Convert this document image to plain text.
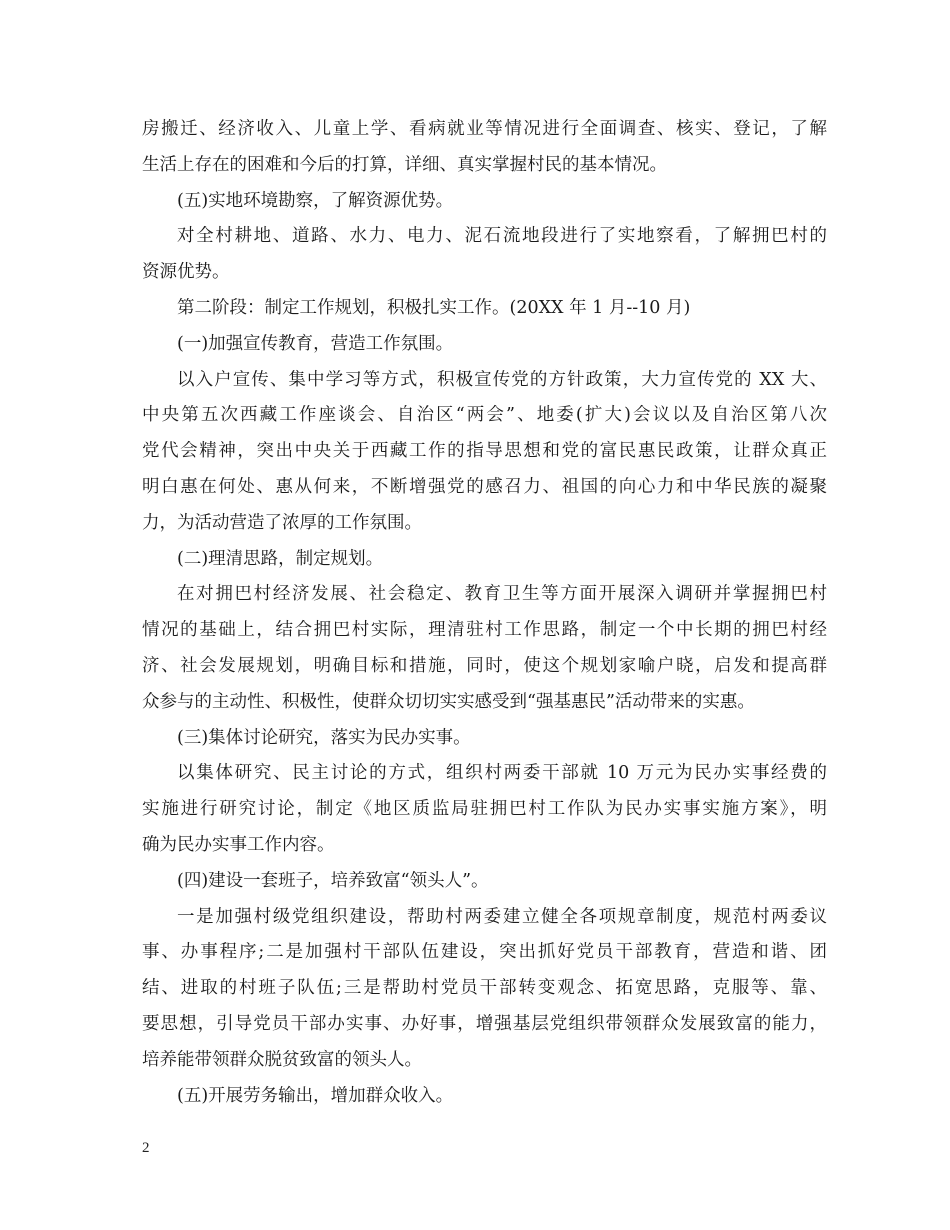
房搬迁、经济收入、儿童上学、看病就业等情况进行全面调查、核实、登记，了解
生活上存在的困难和今后的打算，详细、真实掌握村民的基本情况。
(五)实地环境勘察，了解资源优势。
对全村耕地、道路、水力、电力、泥石流地段进行了实地察看，了解拥巴村的
资源优势。
第二阶段：制定工作规划，积极扎实工作。(20XX 年 1 月--10 月)
(一)加强宣传教育，营造工作氛围。
以入户宣传、集中学习等方式，积极宣传党的方针政策，大力宣传党的 XX 大、
中央第五次西藏工作座谈会、自治区“两会”、地委(扩大)会议以及自治区第八次
党代会精神，突出中央关于西藏工作的指导思想和党的富民惠民政策，让群众真正
明白惠在何处、惠从何来，不断增强党的感召力、祖国的向心力和中华民族的凝聚
力，为活动营造了浓厚的工作氛围。
(二)理清思路，制定规划。
在对拥巴村经济发展、社会稳定、教育卫生等方面开展深入调研并掌握拥巴村
情况的基础上，结合拥巴村实际，理清驻村工作思路，制定一个中长期的拥巴村经
济、社会发展规划，明确目标和措施，同时，使这个规划家喻户晓，启发和提高群
众参与的主动性、积极性，使群众切切实实感受到“强基惠民”活动带来的实惠。
(三)集体讨论研究，落实为民办实事。
以集体研究、民主讨论的方式，组织村两委干部就 10 万元为民办实事经费的
实施进行研究讨论，制定《地区质监局驻拥巴村工作队为民办实事实施方案》，明
确为民办实事工作内容。
(四)建设一套班子，培养致富“领头人”。
一是加强村级党组织建设，帮助村两委建立健全各项规章制度，规范村两委议
事、办事程序;二是加强村干部队伍建设，突出抓好党员干部教育，营造和谐、团
结、进取的村班子队伍;三是帮助村党员干部转变观念、拓宽思路，克服等、靠、
要思想，引导党员干部办实事、办好事，增强基层党组织带领群众发展致富的能力，
培养能带领群众脱贫致富的领头人。
(五)开展劳务输出，增加群众收入。
2
